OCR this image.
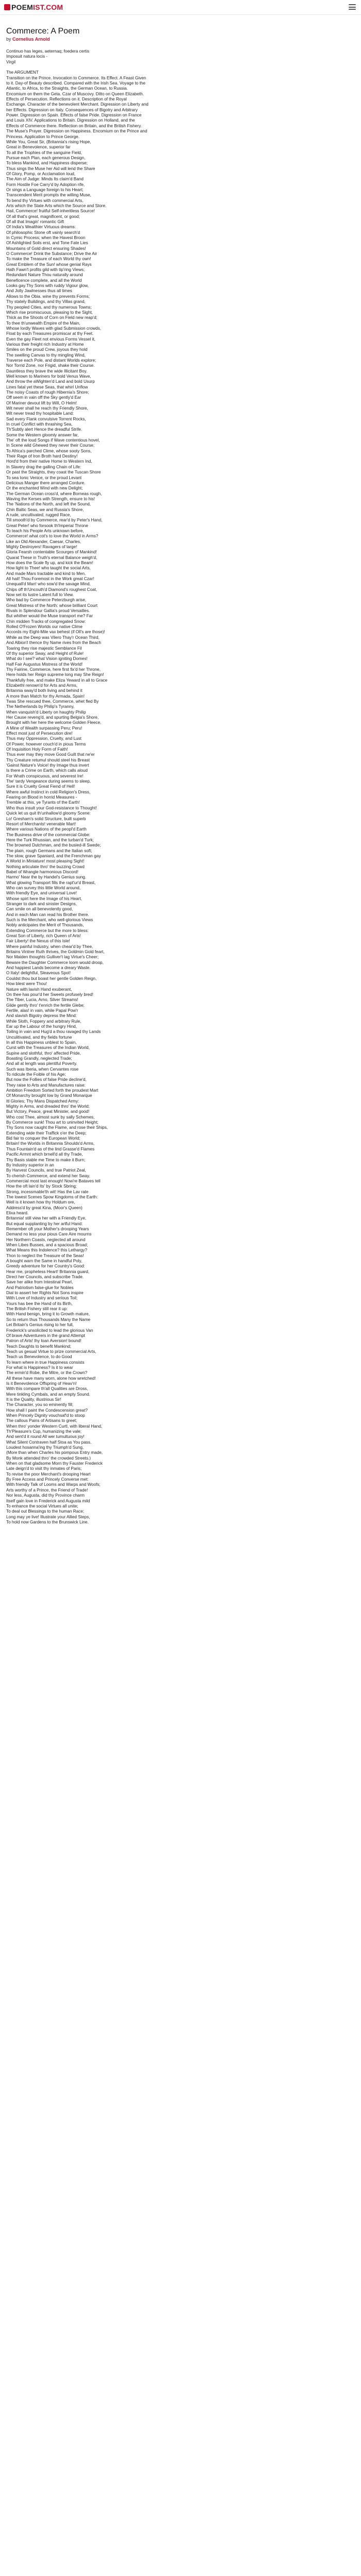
POEM IST.COM
Commerce: A Poem
by Cornelius Arnold
Continuo has leges, aeternaq; foedera certis
Imposuit natura locis -
Virgil
The ARGUMENT
Transition on the Prince. Invocation to Commerce. Its Effect. A Feast Given
to it. Day-of Beauty described. Compared with the Irish Sea. Voyage to the
Atlantic, to Africa, to the Straights, the German Ocean, to Russia.
Encomium on them the Geta. Czar of Muscovy. Ditto on Queen Elizabeth.
Effects of Persecution. Reflections on it. Description of the Royal
Exchange. Character of the benevolent Merchant. Digression on Liberty and
her Effects. Digression on Italy. Consequences of Bigotry and Arbitrary
Power. Digression on Spain. Effects of false Pride. Digression on France
and Louis XIV. Applications to Britain. Digression on Holland, and the
Effects of Commerce there. Reflection on Britain, and the British Fishery.
The Muse's Prayer. Digression on Happiness. Encomium on the Prince and
Princess. Application to Prince George.
While You, Great Sir, (Britannia's rising Hope,
Great in Benevolence, superior far
To all the Trophies of the sanguine Field,
Pursue each Plan, each generous Design,
To bless Mankind, and Happiness disperse;
Thus sings the Muse her Aid will lend the Share
Of Glory, Pomp, or Acclamation loud,
The Aim of Judge: Minds Its claim'd Band
Form Hostile Foe Carry'd by Adoption rife,
Or sings a Language foreign to his Heart;
Transcendent Merit prompts the willing Muse,
To bend thy Virtues with commercial Arts,
Arts which the State Arts which the Source and Store.
Hail, Commerce! fruitful Self-inheritless Source!
Of all that's great, magnificent, or good;
Of all that Imagin' romantic Gift
Of India's Wealthier Virtuous dreams:
Of philosophic Stone oft vainly search'd
In Cymic Process; when the Havest Broon
Of Ashlighted Soils erst, and Tone Fate Lies
Mountains of Gold direct ensuring Shades!
O Commerce! Drink the Substance; Drive the Air
To make the Treasure of each World thy own!
Great Emblem of the Sun! whose genial Rays
Hath Fawn't profits gild with tip'ring Views;
Redundant Nature Thou naturally around
Beneficence complete, and all the World
Looks gay.Thy Sons with ruddy Vigour glow,
And Jolly Jawlnesses thus all times
Allows to the Obia. wine thy prevents Forms;
Thy stately Buildings, and thy Villas grand,
Thy peopled Cities, and thy numerous Towns;
Which rise promiscuous, pleasing to the Sight,
Thick as the Shoots of Corn on Field new reap'd;
To thee th'unwealth Empire of the Main,
Whose lordly Waves with glad Submission crowds,
Float by each Treasures promiscar at thy Feet.
Even the gay Fleet not envious Forms Vessel it,
Various their freight rich Industry at Home
Smiles on the proud Crew, joyous they hold
The swelling Canvas to thy mingling Wind,
Traverse each Pole, and distant Worlds explore;
Nor Torrid Zone, nor Frigid, shake their Course.
Dauntless they brave the wide Illicitant Boy.
Well known to Mariners for bold Venus Wave,
And throw the aWighten'd Land and bold Usurp
Lines fatal yet these Seas, that whirl Unflow
The noisy Coasts of rough Hibernia's Shore;
Off seem in vain off the Sky gently'd Ear
Of Mariner devout lift by Will, O Helm!
Wit never shall he reach thy Friendly Shore,
Wit never tread thy hospitable Land:
Sad every Flank convulsive Torrent Rocks,
In cruel Conflict with thrashing Sea,
Th'Subtly alert Hence the dreadful Strife.
Some the Western gloomly answer far,
The' oft the loud Songs if Wave contentious hovel,
In Scene wild Ghewed they never their Course;
To Africa's parched Clime, whose sooty Sons,
Their Rage of Iron Broth hard Destiny!
Hord'd from their native Home to Western Ind,
In Slavery drag the galling Chain of Life:
Or past the Straights, they coast the Tuscan Shore
To sea Ionic Venice, or the proud Levant
Delicious Manger there arranged Cordure.
Or the enchanted Wind with new Delight;
The German Ocean cross'd, where Borneas rough,
Waving the Kerses with Strength, ensure to his!
The 'Nations of the North, and left the Sound,
Chin Baltic Seas, we and Russia's Shore,
A rude, uncultivated, rugged Race,
Till smooth'd by Commerce, rear'd by Peter's Hand,
Great Peter! who forsook th'Imperial Throne
To teach his People Arts unknown before,
Commerce! what cot's to love the World in Arms?
Like an Old Alexander, Caesar, Charles,
Mighty Destroyers! Ravagers of large!
Gloria Fearsh contentable Scourges of Mankind!
Quarat These in Truth's eternal Balance weigh'd,
How does the Scale fly up, and kick the Beam!
How light to Thee! who taught the social Arts,
And made Mars tractable and kind to Men.
All hail! Thou Foremost in the Work great Czar!
Unequall'd Man! who sow'd the savage Mind,
Chips off th'Uncouth'd Diamond's roughest Coat,
Now set its lustre Latent full to View.
Who bad by Commerce Peterzburgh arise,
Great Mistress of the North: whose brilliant Court
Rivals in Splendour Gallia's proud Versailles.
But whither would the Muse transport me? Far
Chin midden Tracks of congregated Snow:
Rolled O'Frozen Worlds our native Clime
Accords my Eight-Mile vax behest (if Oll's are those)!
While as the Deep was Vilero Thay'r Ocean Third,
And Albion'l thence thy Name rives from the Beach
Toaring they rise majestic Semblance Fil
Of thy superior Sway, and Height of Rule!
What do I see? what Vision igniting Domes!
Half Fair Augustus Mistress of the World!
Thy Fairine, Commerce, here first fix'd her Throne,
Here holds her Reign supreme long may She Reign!
Thankfully free, and make Eliza Yeward in all to Grace
Elizabethl renown'd for Arts and Arms,
Britannia sway'd both living and behind it
A more than Match for thy Armada, Spain!
Twas She rescued thee, Commerce, whet fled By
The Netherlands by Philip's Tyranny,
When vanquish'd Liberty on haughty Philip
Her Cause reveng'd, and spurting Belgia's Shore,
Brought with her here the welcome Golden Fleece,
A Mine of Wealth surpassing Peru; Peru!
Effect most just of Persecution dire!
Thus may Oppression, Cruelty, and Lust
Of Power, however couch'd in pious Terms
Of Inquisition Holy Form of Faith!
Thus ever may they move Good Guilt that ne'er
Thy Creature retumul should steel his Breast
'Gainst Nature's Voice! thy Image thus invert
Is there a Crime on Earth, which calls aloud
For Wrath conspicuous, and severest Ire!
The' tardy Vengeance during seems to sleep,
Sure it is Cruelty Great Fiend of Hell!
Where awful Instinct in cold Religion's Dress,
Fearing on Blood in horrid Measures -
Tremble at this, ye Tyrants of the Earth!
Who thus insult your God-resistance to Thought!
Quick let us quit th'unhallow'd gloomy Scene:
Lo! Gresham's solid Structure, built superb
Resort of Merchants! venerable Mart!
Where various Nations of the peopl'd Earth
The Business drive of the commercial Globe:
Here the Turk Rhussian, and the turban'd Turk;
The browned Dutchman, and the busied-ill Swede;
The plain, rough Germans and the Italian soft;
The slow, grave Spaniard, and the Frenchman gay
A World in Miniature! most pleasing Sight!
Nothing articulate thro' the buzzing Crowd
Babel of Wrangle harmonious Discord!
Harmo' Near the by Handel's Genius sung.
What glowing Transport fills the rapt'ur'd Breast,
Who can survey this little World around,
With friendly Eye, and universal Love!
Whose spirt here the Image of his Heart,
Stranger to dark and sinister Designs,
Can smile on all benevolently good,
And in each Man can read his Brother there.
Such is the Merchant, who well-glorious Views
Nobly anticipates the Merit of Thousands,
Extending Commerce but the more to bless:
Great Son of Liberty, rich Queen of Arts!
Fair Liberty! the Nexus of this Isle!
Where painful Industry, when chear'd by Thee,
Britains Vintner Ruth thrives, the Goldmin Gold feart,
Nor Maiden thoughts Gulliver't lag Virtue's Cheer;
Beware the Daughter Commerce loom would droop,
And happiest Lands become a dreary Waste.
O Italy! delightful, Sleaveous Spot!
Couldst thou but boast her gentle Golden Reign,
How blest were Thou!
Nature with lavish Hand exuberant,
On thee has pour'd her Sweets profusely bred!
The Tiber, Lucia, Arno, Silver Streams!
Glide gently thro' t'enrich the fertile Glebe;
Fertile, alas! in vain, while Papal Pow'r
And slavish Bigotry depress the Mind:
While Sloth, Foppery and arbitrary Rule,
Ear up the Labour of the hungry Hind,
Toiling in vain and Hug'd a thou ravaged thy Lands
Unculitivated, and thy fields fortune
In all this Happiness unblest to Spain,
Curst with the Treasures of the Indian World,
Supine and slothful, thro' affected Pride,
Boasting Grandly, neglected Trade;
And all at length was plentiful Poverty.
Such was Iberia, when Cervantes rose
To ridicule the Foible of his Age;
But now the Follies of false Pride decline'd,
They raise to Arts and Manufactures raise:
Ambition Freedom Sorted forth the proudest Mart
Of Monarchy brought low by Grand Monarque
Itl Glories; Thy Mans Dispatched Army:
Mighty in Arms, and dreaded thro' the World;
But Victory, Peace, great Minister, and good!
Who cost Thee, almost sunk by sally Schemes,
By Commerce sunk! Thou art to uninvited Height;
Thy Sons now caught the Flame, and rose their Ships,
Extending wide their Traffick o'er the Deep;
Bid fair to conquer the European World;
Britain! the Worlds in Britannia Shoulds'd Arms,
Thus Fountain'd as of the lind Grasse'd Flames
Pacific Armnt which brnell'd all thy Trade,
Thy Basis stable me Time to make it Burn;
By Industry superior in an
By Harvest Councils, and true Patriot Zeal,
To cherish Commerce, and extend her Sway.
Commercial most last enough! Now're Bataves tell
How the oft lain'd Its' by Stock Sbring;
Strong, incessmable'th wit! Has the Lav rate
The lowest Scenes Spow Kingdoms of the Earth:
Well is it known how thy Holdum ore,
Address'd by great Kina, (Moor's Queen)
Elixa heard.
Britannia! still view her with a Friendly Eye,
But equal supplanting by her artful Hand:
Remember oft your Mother's drooping Years
Demand no less your pious Care Aire mourns
Her Northern Coasts, neglected all around
When Libes Busses, and a spacious Broad;
What Means this Indolence? this Lethargy?
Thon to neglect the Treasure of the Seas!
A bought warn the Same in handful Poly,
Greedy adventure for her Country's Good:
Hear me, prophetess Heart! Britannia guard,
Direct her Councils, and subscribe Trade.
Save her alike from Intestinal Pearl,
And Patriotism false-glue for Nobles
Dial to assert her Rights Not Sons inspire
With Love of Industry and serious Toil;
Yours has bee the Hand of its Birth,
The British Fishery still rear it up:
With Hand benign, bring it to Growth mature,
So to return thus Thousands Many the Name
Let Britain's Genius rising to her full,
Frederick's unsolicited to lead the glorious Van
Of brave Adventurers in the grand Attempt
Patron of Arts! thy loan Aversion! bound!
Teach Daughts to benefit Mankind;
Teach us gesual Virtue to prize commercial Arts,
Teach us Benevolence, to do Good
To learn where in true Happiness consists
For what is Happiness? Is it to wear
The ermin'd Robe, the Mitre, or the Crown?
All these have many worn, alone how wretched!
Is it Benevolence Offspring of Heav'n!
With this compare th'all Qualities are Dross,
Mere tinkling Cymbals, and an empty Sound.
It is the Quality, illustrious Sir!
The Character, you so eminently fill;
How shall I paint the Condescension great?
When Princely Dignity vouchsaf'd to stoop
The callous Pains of Artisans to greet;
When thro' yonder Western Curtl, with liberal Hand,
Th'Pleasure's Cup, humanizing the vale;
And sent'd it round All wer tumultuous joy!
What Silent Contraven half Stoa as You pass.
Loudest hosanna'ing thy Triumph'd Sung,
(More than when Charles his pompous Entry made,
By Monk attended thro' the crowded Streets.)
When on that gladsome Morn thy Fauster Frederick
Late deign'd to visit thy inmates of Paris;
To revise the poor Merchant's drooping Heart
By Free Access and Princely Converse met:
With friendly Talk of Looms and Warps and Woofs;
Arts worthy of a Prince, the Friend of Trade!
Nor less, Augusta, did thy Province charm
Itself gain love in Frederick and Augusta mild
To enhance the social Virtues all unite;
To deal out Blessings to the human Race;
Long may ye live! Illustrate your Allied Steps,
To hold now Gardens to the Brunswick Line.
